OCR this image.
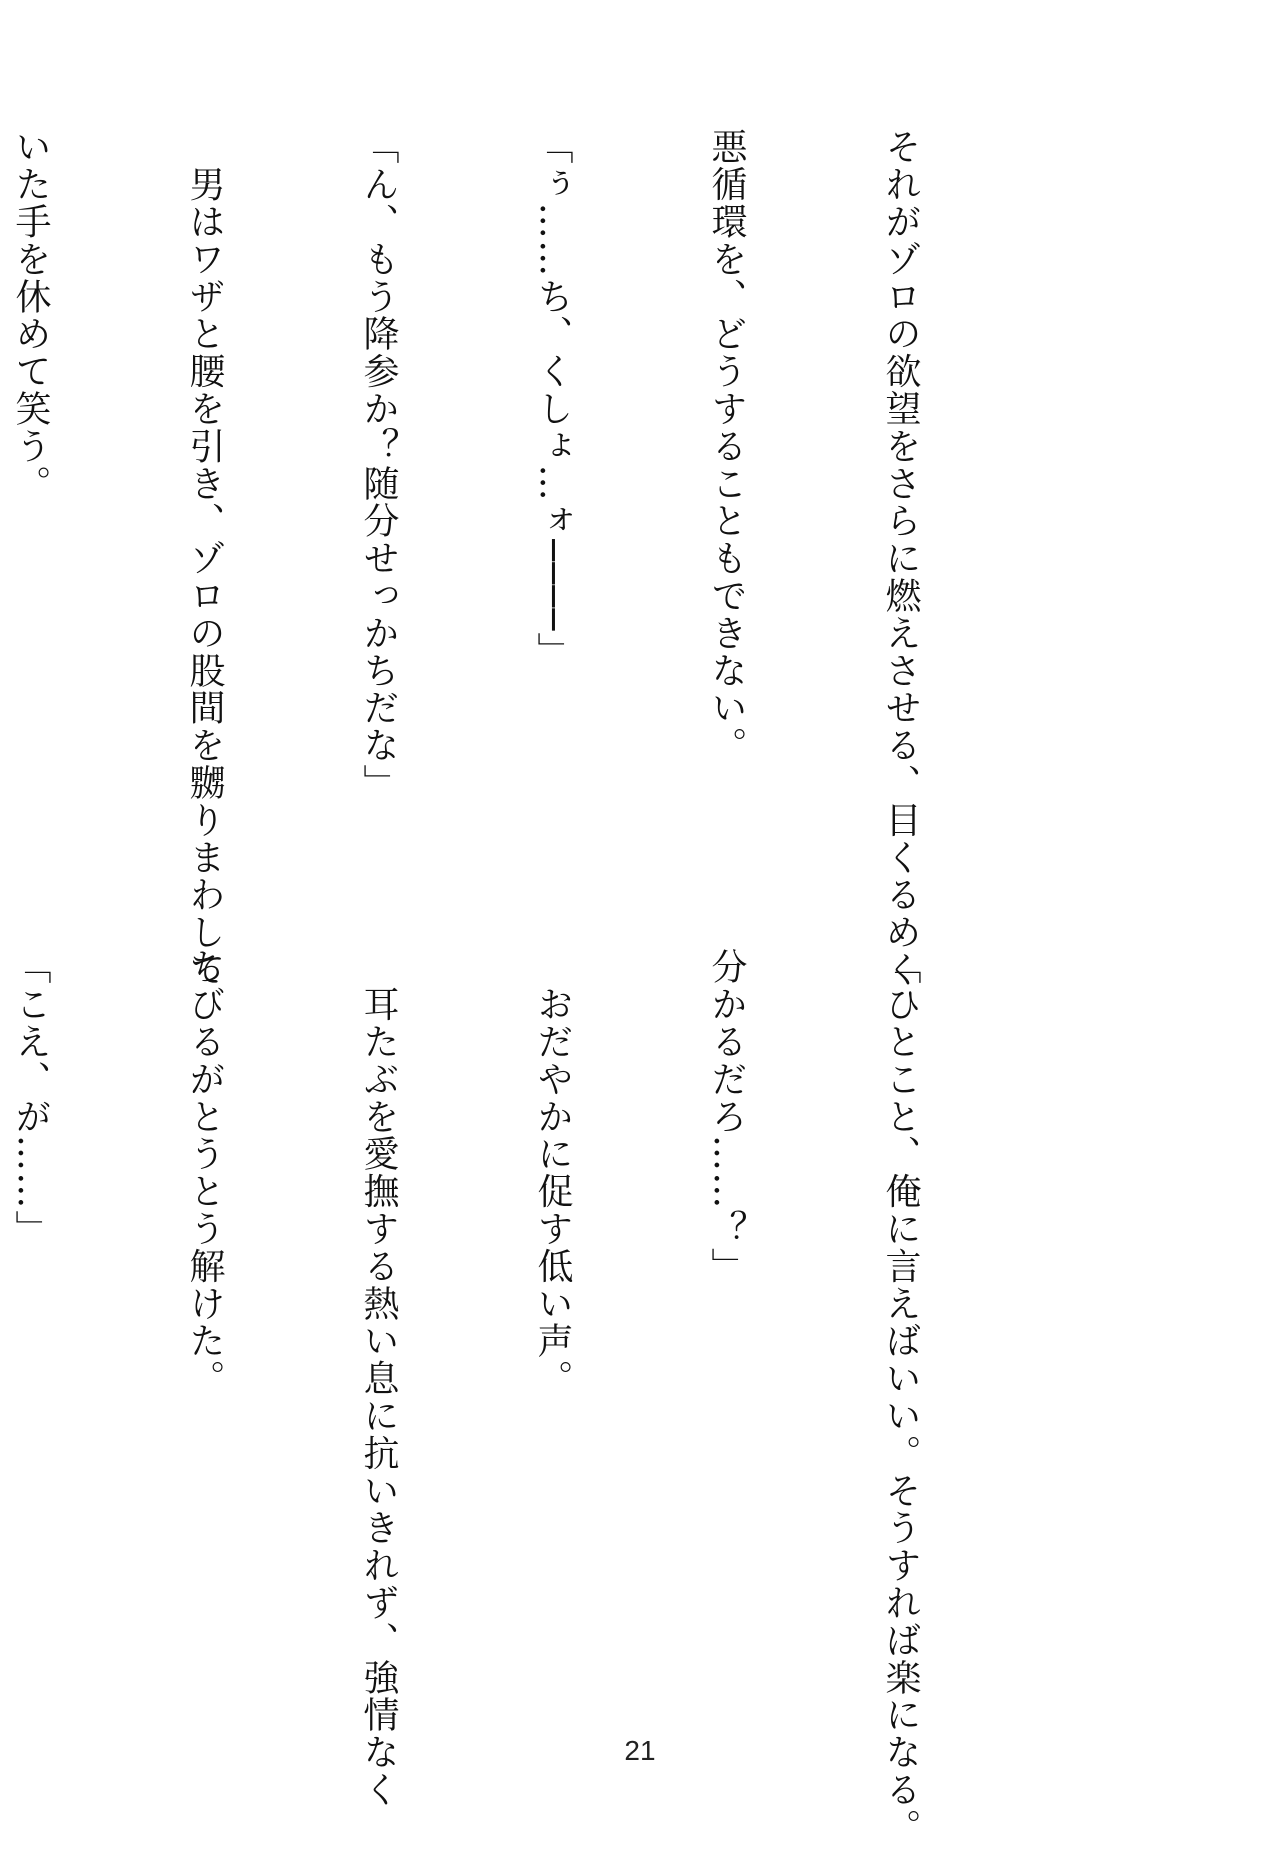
それがゾロの欲望をさらに燃えさせる、目くるめく

悪循環を、どうすることもできない。

「ぅ……ち、くしょ…ォ────」

「ん、もう降参か？随分せっかちだな」

　男はワザと腰を引き、ゾロの股間を嬲りまわして

いた手を休めて笑う。

「ひとこと、俺に言えばいい。そうすれば楽になる。

分かるだろ……？」

　おだやかに促す低い声。

　耳たぶを愛撫する熱い息に抗いきれず、強情なく

ちびるがとうとう解けた。

「こえ、が……」

21
